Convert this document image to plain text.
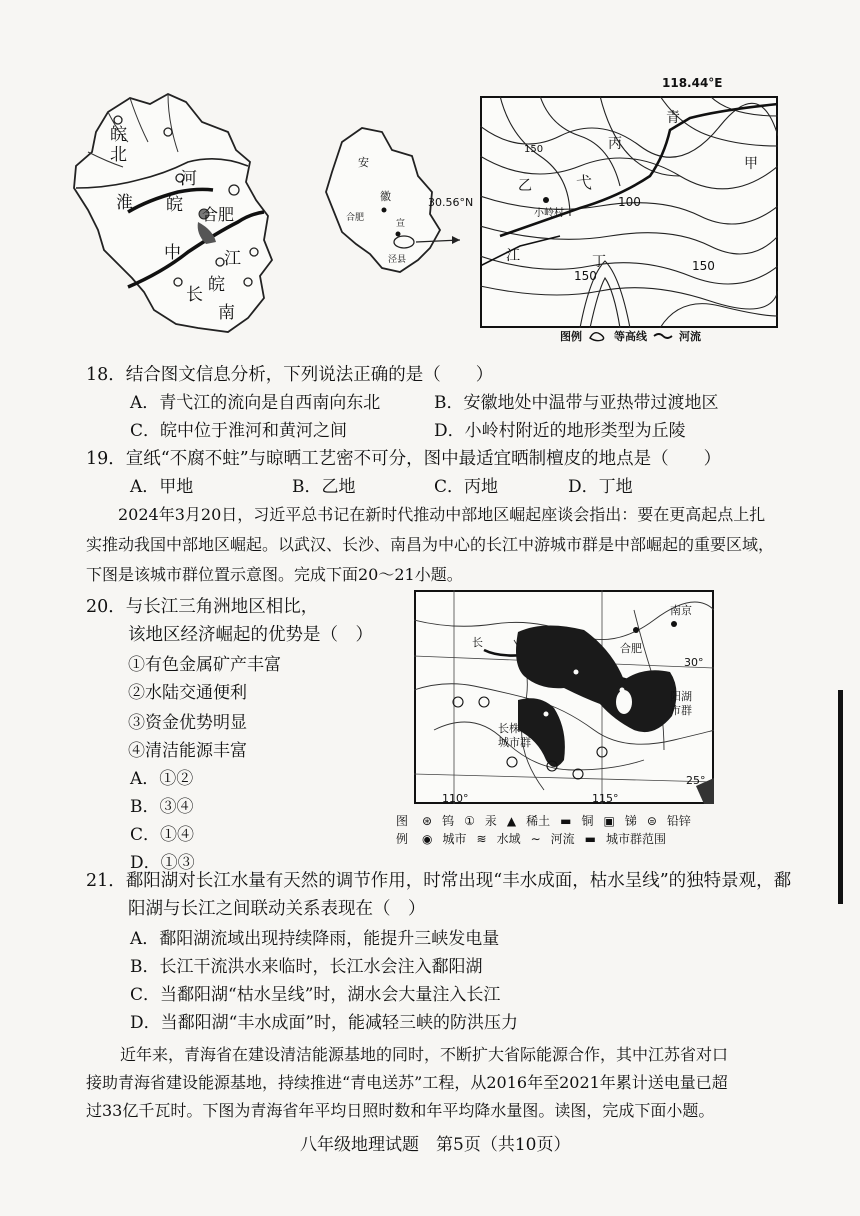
皖
北
淮
河
皖 合肥
中	江
长 皖
南
安
徽
合肥
宣
泾县
118.44°E
30.56°N
青
丙
甲
乙	弋
小岭村
江	丁
150
100
150
150
图例	等高线	河流
18．结合图文信息分析，下列说法正确的是（　　）
A．青弋江的流向是自西南向东北	B．安徽地处中温带与亚热带过渡地区
C．皖中位于淮河和黄河之间	D．小岭村附近的地形类型为丘陵
19．宣纸“不腐不蛀”与晾晒工艺密不可分，图中最适宜晒制檀皮的地点是（　　）
A．甲地	B．乙地	C．丙地	D．丁地
2024年3月20日，习近平总书记在新时代推动中部地区崛起座谈会指出：要在更高起点上扎实推动我国中部地区崛起。以武汉、长沙、南昌为中心的长江中游城市群是中部崛起的重要区域，下图是该城市群位置示意图。完成下面20～21小题。
20．与长江三角洲地区相比，
该地区经济崛起的优势是（　）
①有色金属矿产丰富
②水陆交通便利
③资金优势明显
④清洁能源丰富
A．①②
B．③④
C．①④
D．①③
南京
合肥
长
30°
长株
城市群
阳湖
市群
25°
110°	115°
图
例
⊛ 钨 ① 汞 ▲ 稀土 ▬ 铜 ▣ 锑 ⊜ 铅锌
◉ 城市 ≋ 水域 ∼ 河流 ▬ 城市群范围
21．鄱阳湖对长江水量有天然的调节作用，时常出现“丰水成面，枯水呈线”的独特景观，鄱
阳湖与长江之间联动关系表现在（　）
A．鄱阳湖流域出现持续降雨，能提升三峡发电量
B．长江干流洪水来临时，长江水会注入鄱阳湖
C．当鄱阳湖“枯水呈线”时，湖水会大量注入长江
D．当鄱阳湖“丰水成面”时，能减轻三峡的防洪压力
近年来，青海省在建设清洁能源基地的同时，不断扩大省际能源合作，其中江苏省对口
接助青海省建设能源基地，持续推进“青电送苏”工程，从2016年至2021年累计送电量已超
过33亿千瓦时。下图为青海省年平均日照时数和年平均降水量图。读图，完成下面小题。
八年级地理试题　第5页（共10页）
